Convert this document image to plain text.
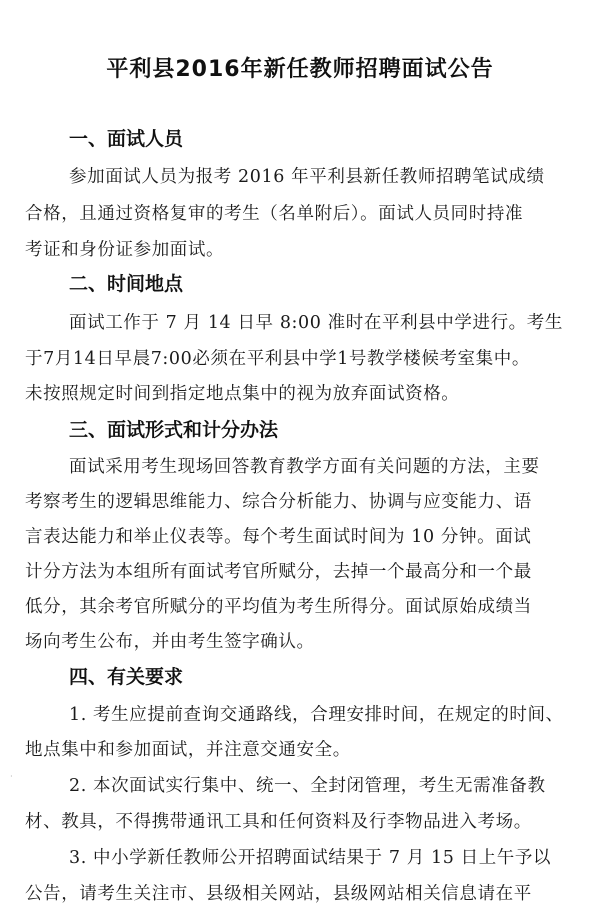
平利县2016年新任教师招聘面试公告
一、面试人员
参加面试人员为报考 2016 年平利县新任教师招聘笔试成绩
合格，且通过资格复审的考生（名单附后）。面试人员同时持准
考证和身份证参加面试。
二、时间地点
面试工作于 7 月 14 日早 8:00 准时在平利县中学进行。考生
于7月14日早晨7:00必须在平利县中学1号教学楼候考室集中。
未按照规定时间到指定地点集中的视为放弃面试资格。
三、面试形式和计分办法
面试采用考生现场回答教育教学方面有关问题的方法，主要
考察考生的逻辑思维能力、综合分析能力、协调与应变能力、语
言表达能力和举止仪表等。每个考生面试时间为 10 分钟。面试
计分方法为本组所有面试考官所赋分，去掉一个最高分和一个最
低分，其余考官所赋分的平均值为考生所得分。面试原始成绩当
场向考生公布，并由考生签字确认。
四、有关要求
1. 考生应提前查询交通路线，合理安排时间，在规定的时间、
地点集中和参加面试，并注意交通安全。
2. 本次面试实行集中、统一、全封闭管理，考生无需准备教
材、教具，不得携带通讯工具和任何资料及行李物品进入考场。
3. 中小学新任教师公开招聘面试结果于 7 月 15 日上午予以
公告，请考生关注市、县级相关网站，县级网站相关信息请在平
·
